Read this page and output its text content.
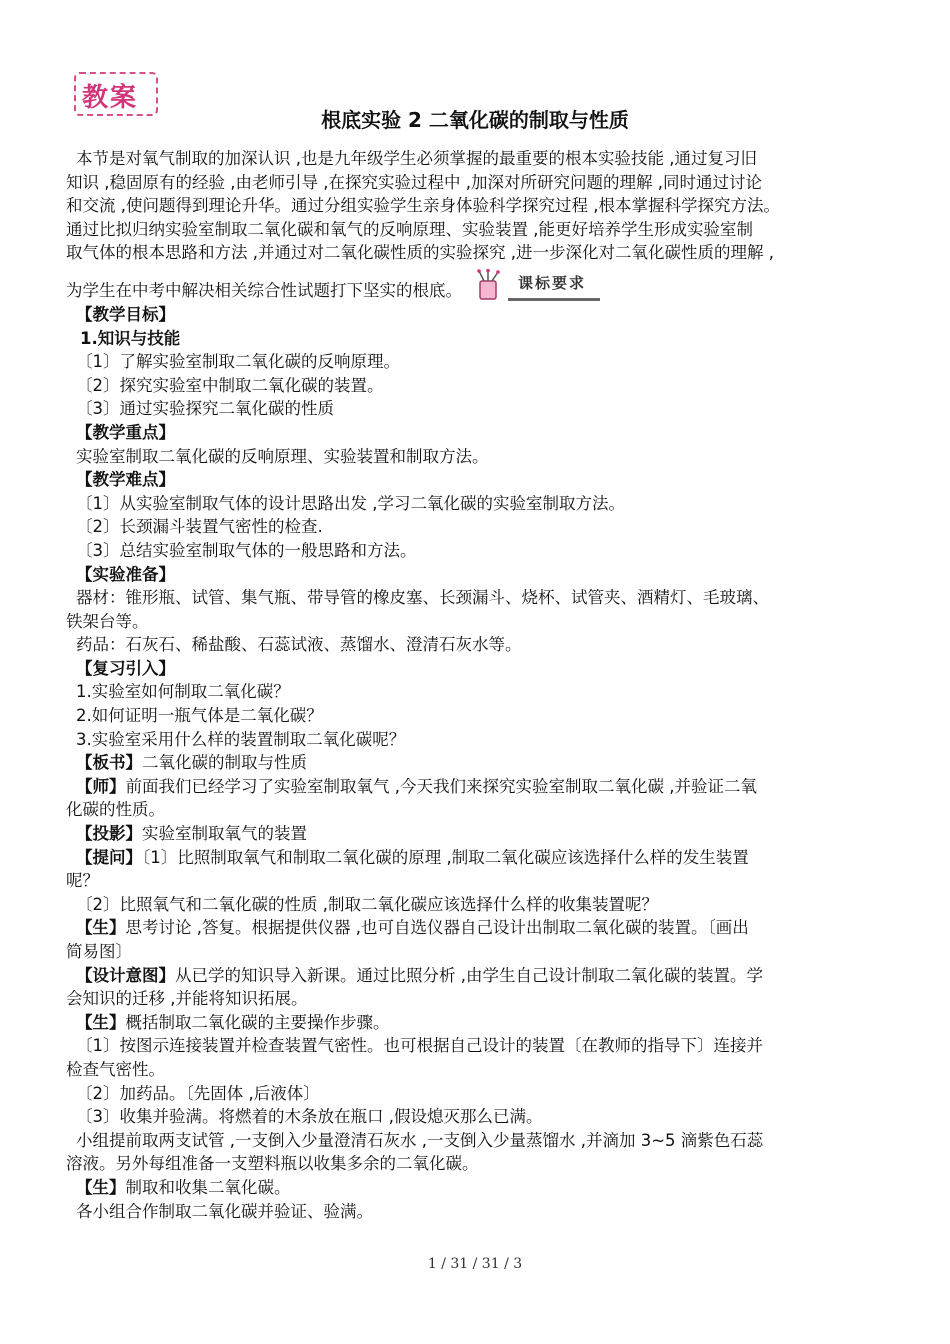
教案
根底实验 2 二氧化碳的制取与性质

本节是对氧气制取的加深认识 ,也是九年级学生必须掌握的最重要的根本实验技能 ,通过复习旧

知识 ,稳固原有的经验 ,由老师引导 ,在探究实验过程中 ,加深对所研究问题的理解 ,同时通过讨论

和交流 ,使问题得到理论升华。通过分组实验学生亲身体验科学探究过程 ,根本掌握科学探究方法。

通过比拟归纳实验室制取二氧化碳和氧气的反响原理、实验装置 ,能更好培养学生形成实验室制

取气体的根本思路和方法 ,并通过对二氧化碳性质的实验探究 ,进一步深化对二氧化碳性质的理解 ,

为学生在中考中解决相关综合性试题打下坚实的根底。	课标要求

【教学目标】

1.知识与技能

〔1〕了解实验室制取二氧化碳的反响原理。

〔2〕探究实验室中制取二氧化碳的装置。

〔3〕通过实验探究二氧化碳的性质

【教学重点】

实验室制取二氧化碳的反响原理、实验装置和制取方法。

【教学难点】

〔1〕从实验室制取气体的设计思路出发 ,学习二氧化碳的实验室制取方法。

〔2〕长颈漏斗装置气密性的检查.

〔3〕总结实验室制取气体的一般思路和方法。

【实验准备】

器材：锥形瓶、试管、集气瓶、带导管的橡皮塞、长颈漏斗、烧杯、试管夹、酒精灯、毛玻璃、

铁架台等。

药品：石灰石、稀盐酸、石蕊试液、蒸馏水、澄清石灰水等。

【复习引入】

1.实验室如何制取二氧化碳？

2.如何证明一瓶气体是二氧化碳？

3.实验室采用什么样的装置制取二氧化碳呢？

【板书】二氧化碳的制取与性质

【师】前面我们已经学习了实验室制取氧气 ,今天我们来探究实验室制取二氧化碳 ,并验证二氧

化碳的性质。

【投影】实验室制取氧气的装置

【提问】〔1〕比照制取氧气和制取二氧化碳的原理 ,制取二氧化碳应该选择什么样的发生装置

呢？

〔2〕比照氧气和二氧化碳的性质 ,制取二氧化碳应该选择什么样的收集装置呢？

【生】思考讨论 ,答复。根据提供仪器 ,也可自选仪器自己设计出制取二氧化碳的装置。〔画出

简易图〕

【设计意图】从已学的知识导入新课。通过比照分析 ,由学生自己设计制取二氧化碳的装置。学

会知识的迁移 ,并能将知识拓展。

【生】概括制取二氧化碳的主要操作步骤。

〔1〕按图示连接装置并检查装置气密性。也可根据自己设计的装置〔在教师的指导下〕连接并

检查气密性。

〔2〕加药品。〔先固体 ,后液体〕

〔3〕收集并验满。将燃着的木条放在瓶口 ,假设熄灭那么已满。

小组提前取两支试管 ,一支倒入少量澄清石灰水 ,一支倒入少量蒸馏水 ,并滴加 3~5 滴紫色石蕊

溶液。另外每组准备一支塑料瓶以收集多余的二氧化碳。

【生】制取和收集二氧化碳。

各小组合作制取二氧化碳并验证、验满。

1 / 31 / 31 / 3
